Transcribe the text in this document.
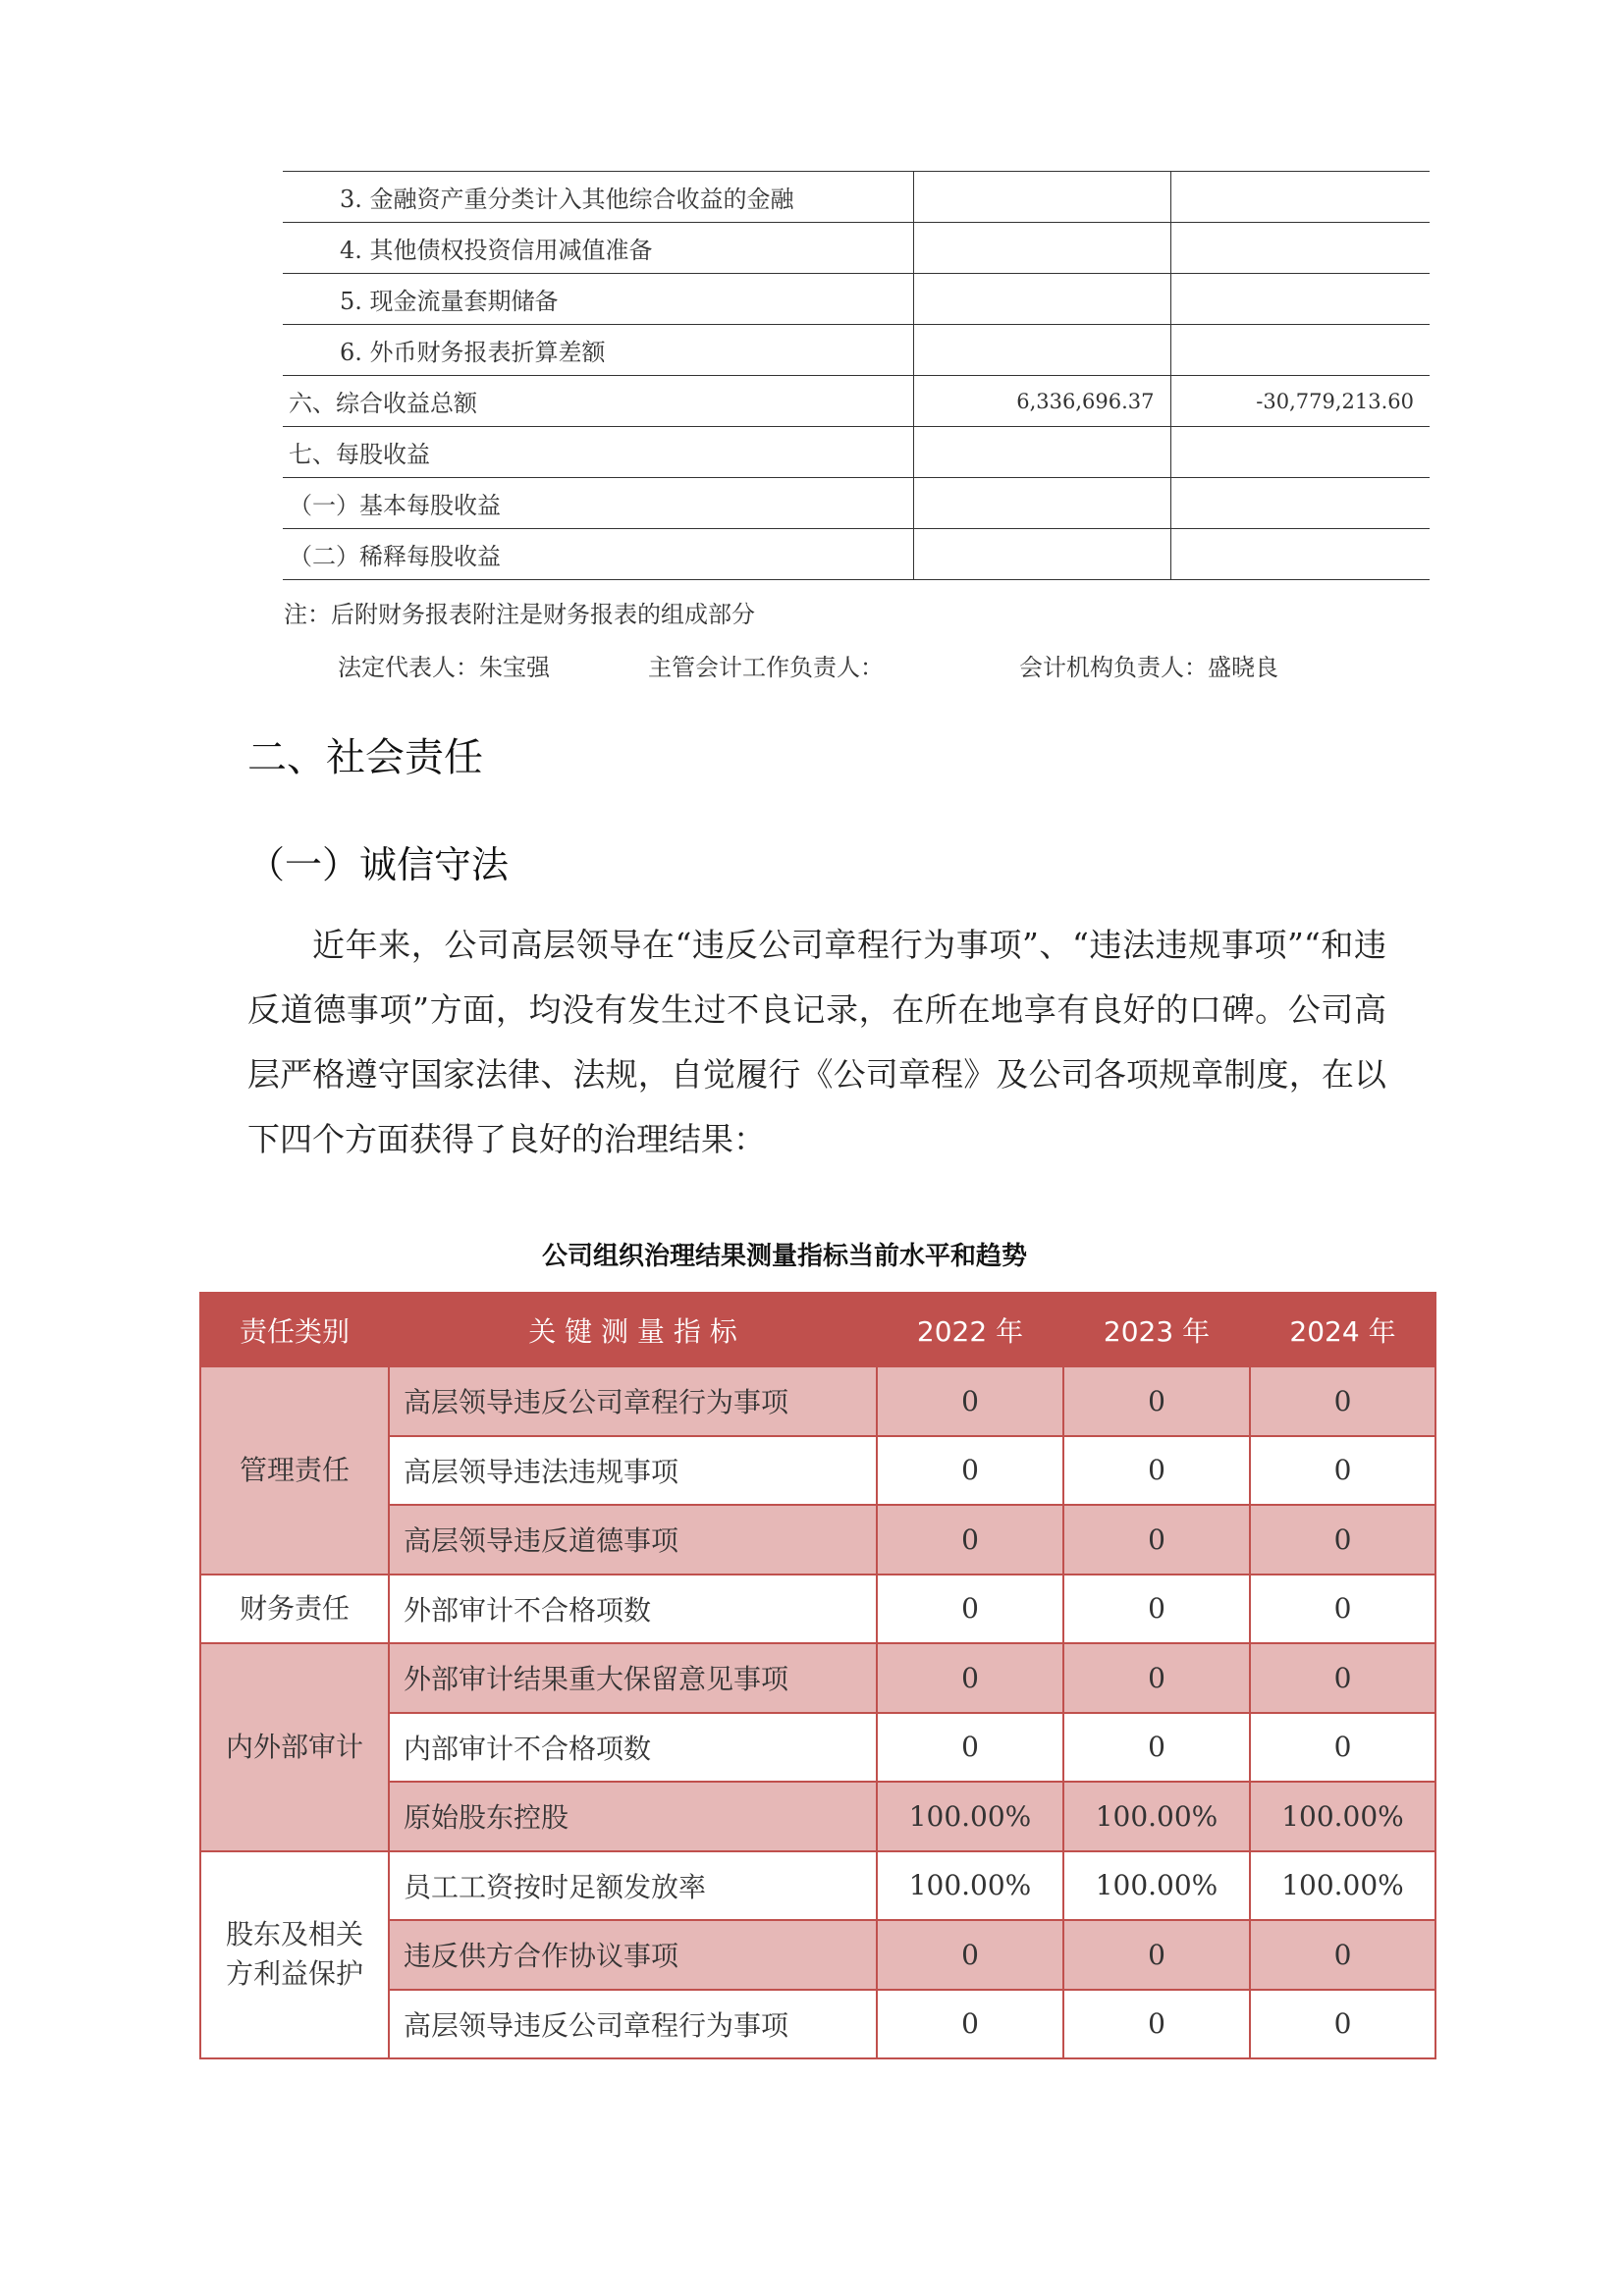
3. 金融资产重分类计入其他综合收益的金融		
4. 其他债权投资信用减值准备		
5. 现金流量套期储备		
6. 外币财务报表折算差额		
六、综合收益总额	6,336,696.37	-30,779,213.60
七、每股收益		
（一）基本每股收益		
（二）稀释每股收益		
注：后附财务报表附注是财务报表的组成部分
法定代表人：朱宝强	主管会计工作负责人：	会计机构负责人：盛晓良
二、社会责任
（一）诚信守法

近年来，公司高层领导在“违反公司章程行为事项”、“违法违规事项”“和违反道德事项”方面，均没有发生过不良记录，在所在地享有良好的口碑。公司高层严格遵守国家法律、法规，自觉履行《公司章程》及公司各项规章制度，在以下四个方面获得了良好的治理结果：

公司组织治理结果测量指标当前水平和趋势
责任类别	关 键 测 量 指 标	2022 年	2023 年	2024 年
管理责任	高层领导违反公司章程行为事项	0	0	0
	高层领导违法违规事项	0	0	0
	高层领导违反道德事项	0	0	0
财务责任	外部审计不合格项数	0	0	0
内外部审计	外部审计结果重大保留意见事项	0	0	0
	内部审计不合格项数	0	0	0
	原始股东控股	100.00%	100.00%	100.00%

股东及相关
方利益保护	员工工资按时足额发放率	100.00%	100.00%	100.00%
	违反供方合作协议事项	0	0	0
	高层领导违反公司章程行为事项	0	0	0
